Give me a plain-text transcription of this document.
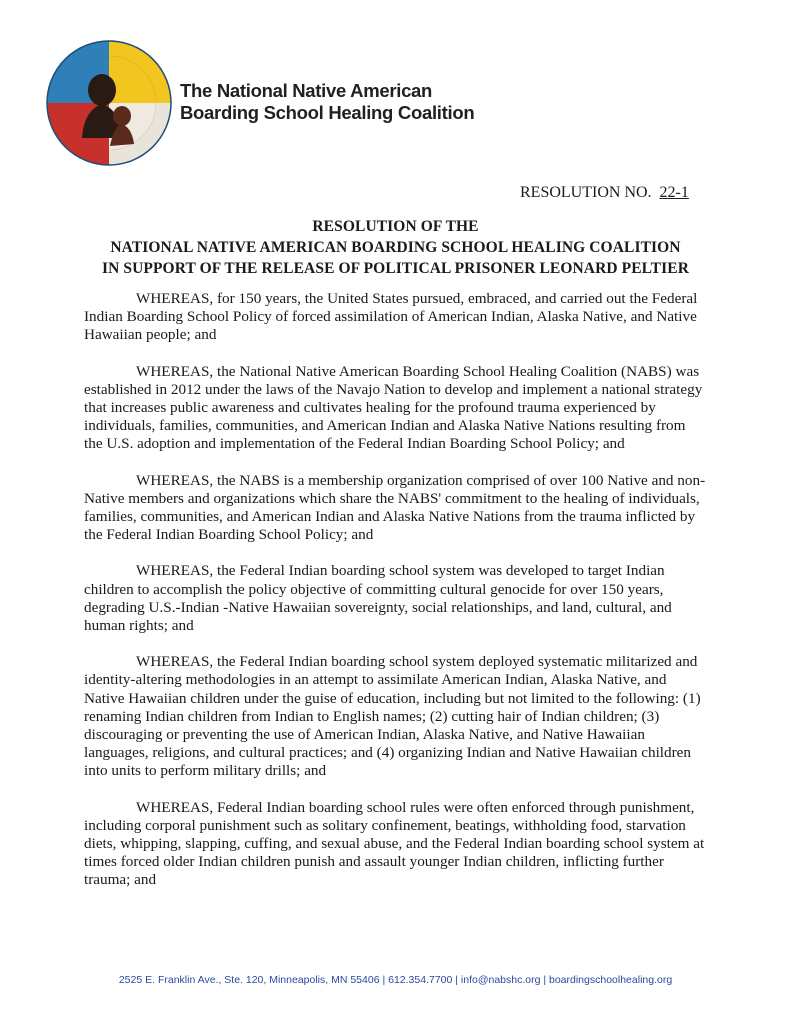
The National Native American
Boarding School Healing Coalition
RESOLUTION NO. 22-1
RESOLUTION OF THE
NATIONAL NATIVE AMERICAN BOARDING SCHOOL HEALING COALITION
IN SUPPORT OF THE RELEASE OF POLITICAL PRISONER LEONARD PELTIER

WHEREAS, for 150 years, the United States pursued, embraced, and carried out the Federal Indian Boarding School Policy of forced assimilation of American Indian, Alaska Native, and Native Hawaiian people; and

WHEREAS, the National Native American Boarding School Healing Coalition (NABS) was established in 2012 under the laws of the Navajo Nation to develop and implement a national strategy that increases public awareness and cultivates healing for the profound trauma experienced by individuals, families, communities, and American Indian and Alaska Native Nations resulting from the U.S. adoption and implementation of the Federal Indian Boarding School Policy; and

WHEREAS, the NABS is a membership organization comprised of over 100 Native and non-Native members and organizations which share the NABS' commitment to the healing of individuals, families, communities, and American Indian and Alaska Native Nations from the trauma inflicted by the Federal Indian Boarding School Policy; and

WHEREAS, the Federal Indian boarding school system was developed to target Indian children to accomplish the policy objective of committing cultural genocide for over 150 years, degrading U.S.-Indian -Native Hawaiian sovereignty, social relationships, and land, cultural, and human rights; and

WHEREAS, the Federal Indian boarding school system deployed systematic militarized and identity-altering methodologies in an attempt to assimilate American Indian, Alaska Native, and Native Hawaiian children under the guise of education, including but not limited to the following: (1) renaming Indian children from Indian to English names; (2) cutting hair of Indian children; (3) discouraging or preventing the use of American Indian, Alaska Native, and Native Hawaiian languages, religions, and cultural practices; and (4) organizing Indian and Native Hawaiian children into units to perform military drills; and

WHEREAS, Federal Indian boarding school rules were often enforced through punishment, including corporal punishment such as solitary confinement, beatings, withholding food, starvation diets, whipping, slapping, cuffing, and sexual abuse, and the Federal Indian boarding school system at times forced older Indian children punish and assault younger Indian children, inflicting further trauma; and

2525 E. Franklin Ave., Ste. 120, Minneapolis, MN 55406 | 612.354.7700 | info@nabshc.org | boardingschoolhealing.org
